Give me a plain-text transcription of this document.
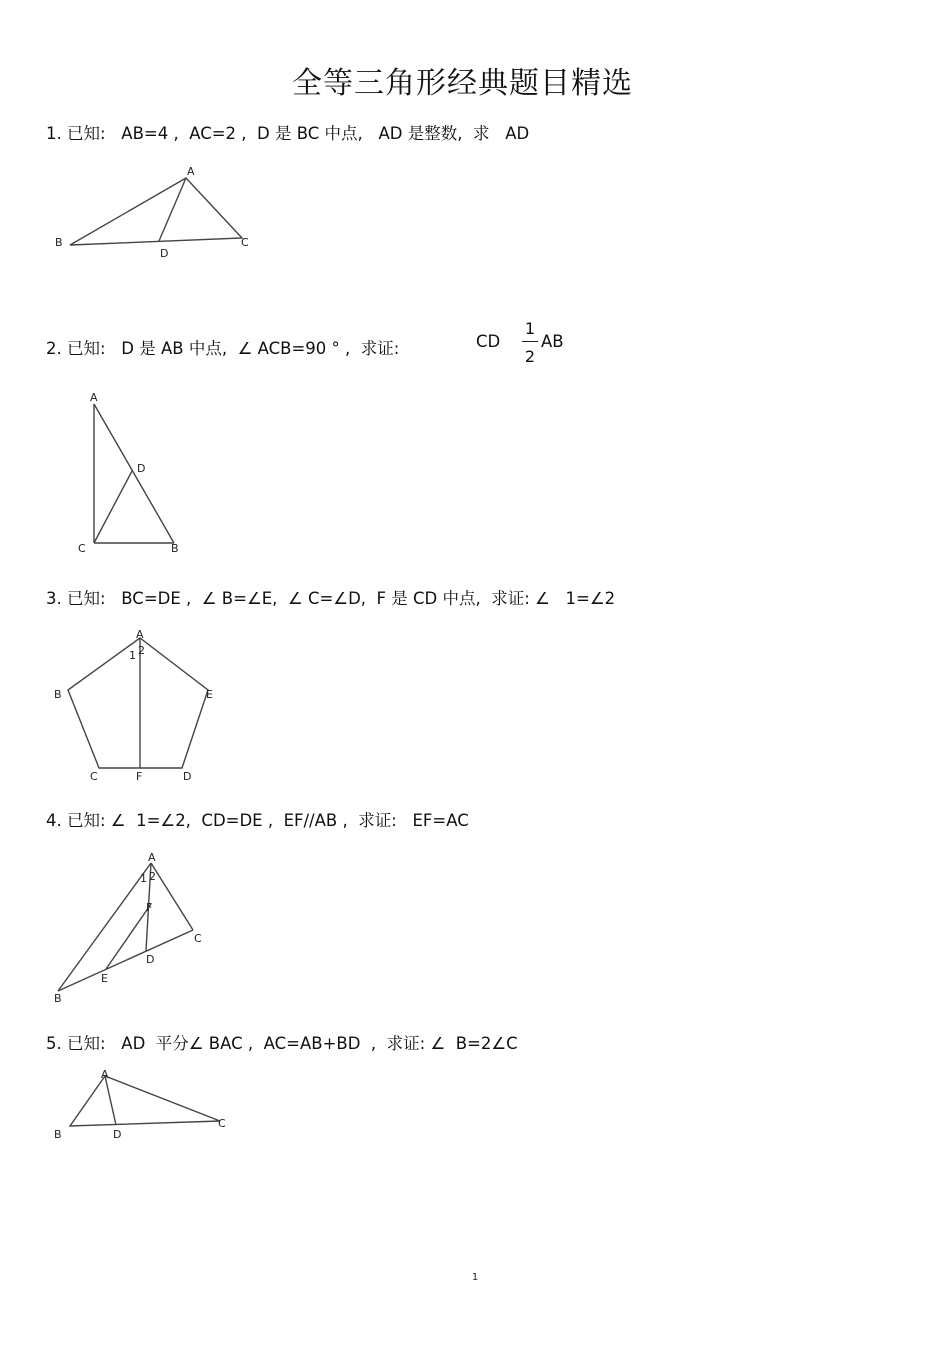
全等三角形经典题目精选
1. 已知:   AB=4 ,  AC=2 ,  D 是 BC 中点,   AD 是整数,  求   AD
A
B	C
D
2. 已知:   D 是 AB 中点,  ∠ ACB=90 ° ,  求证:	CD
1
2
AB
A
C	B
D
3. 已知:   BC=DE ,  ∠ B=∠E,  ∠ C=∠D,  F 是 CD 中点,  求证: ∠   1=∠2
A
B	E
C	F	D
1 2
4. 已知: ∠  1=∠2,  CD=DE ,  EF//AB ,  求证:   EF=AC
A
B
C
D
E
F
1 2
5. 已知:   AD  平分∠ BAC ,  AC=AB+BD  ,  求证: ∠  B=2∠C
A
B	D
C
1
